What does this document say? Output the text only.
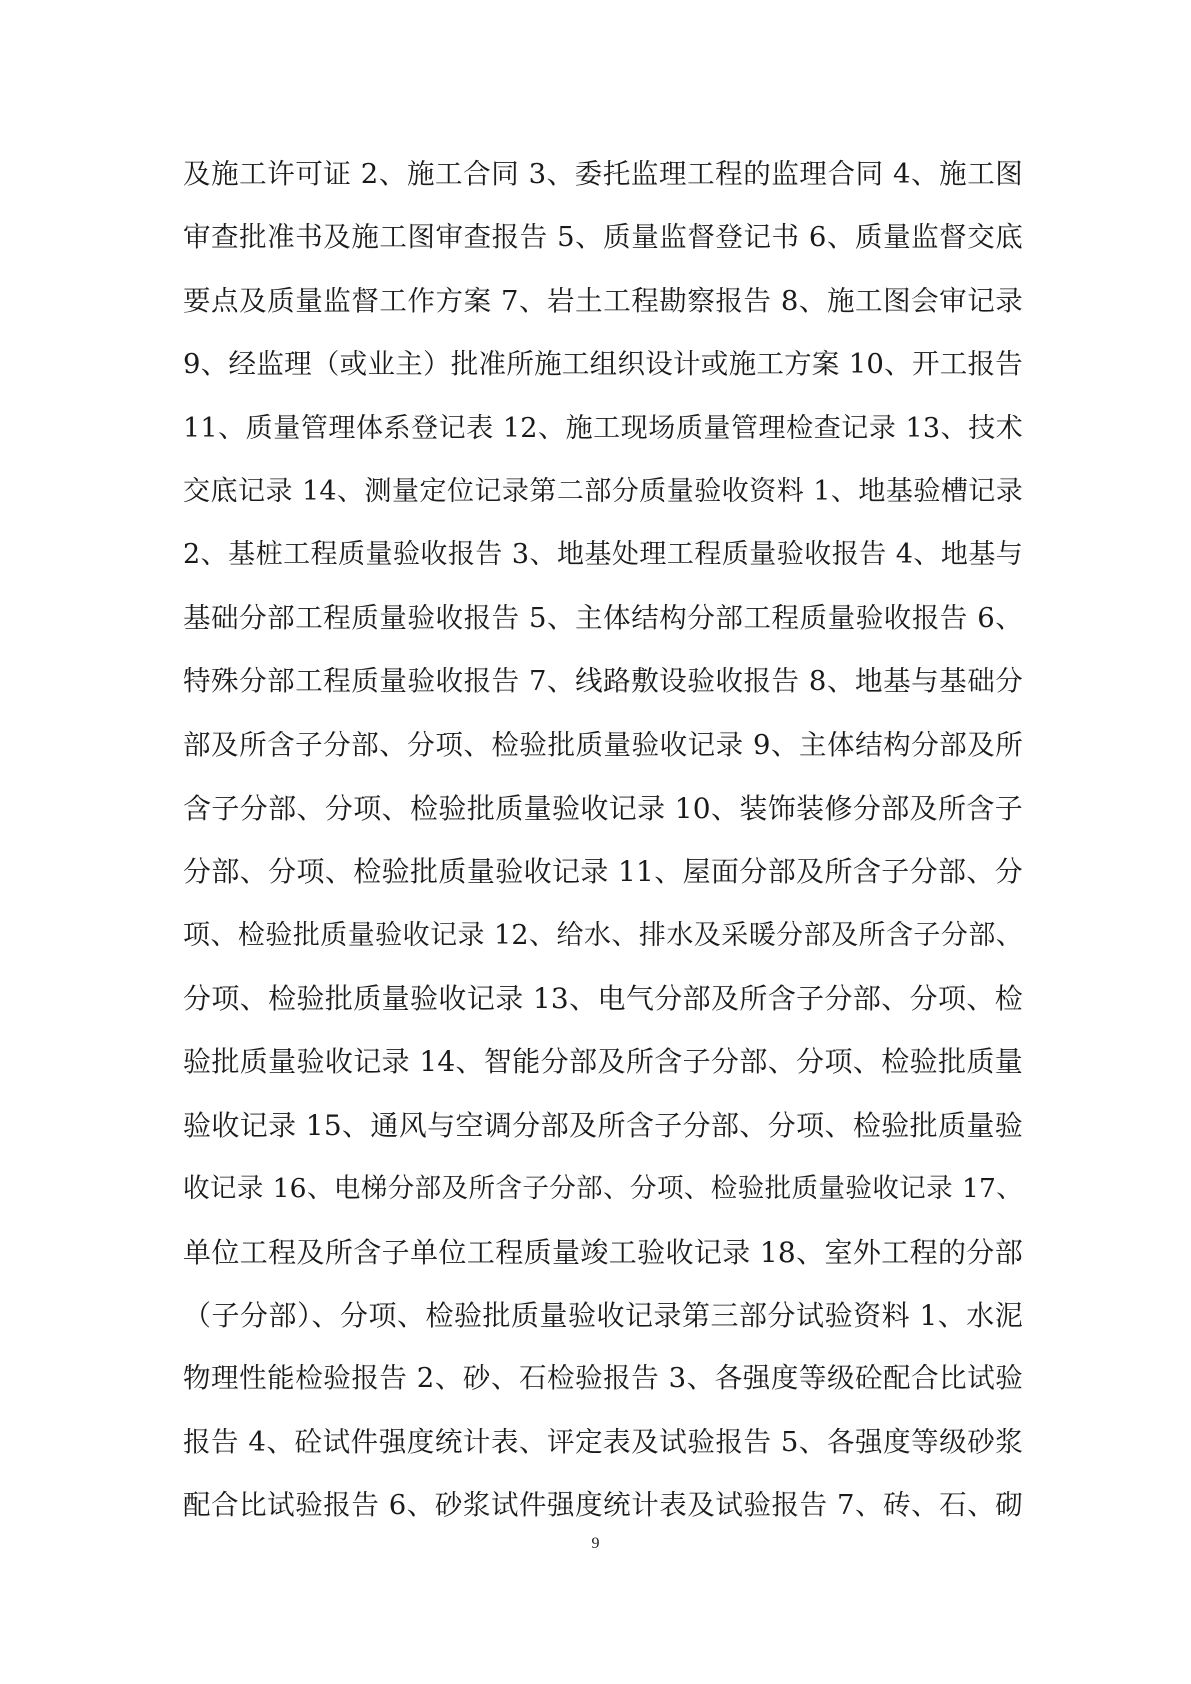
及施工许可证 2、施工合同 3、委托监理工程的监理合同 4、施工图
审查批准书及施工图审查报告 5、质量监督登记书 6、质量监督交底
要点及质量监督工作方案 7、岩土工程勘察报告 8、施工图会审记录
9、经监理（或业主）批准所施工组织设计或施工方案 10、开工报告
11、质量管理体系登记表 12、施工现场质量管理检查记录 13、技术
交底记录 14、测量定位记录第二部分质量验收资料 1、地基验槽记录
2、基桩工程质量验收报告 3、地基处理工程质量验收报告 4、地基与
基础分部工程质量验收报告 5、主体结构分部工程质量验收报告 6、
特殊分部工程质量验收报告 7、线路敷设验收报告 8、地基与基础分
部及所含子分部、分项、检验批质量验收记录 9、主体结构分部及所
含子分部、分项、检验批质量验收记录 10、装饰装修分部及所含子
分部、分项、检验批质量验收记录 11、屋面分部及所含子分部、分
项、检验批质量验收记录 12、给水、排水及采暖分部及所含子分部、
分项、检验批质量验收记录 13、电气分部及所含子分部、分项、检
验批质量验收记录 14、智能分部及所含子分部、分项、检验批质量
验收记录 15、通风与空调分部及所含子分部、分项、检验批质量验
收记录 16、电梯分部及所含子分部、分项、检验批质量验收记录 17、
单位工程及所含子单位工程质量竣工验收记录 18、室外工程的分部
（子分部）、分项、检验批质量验收记录第三部分试验资料 1、水泥
物理性能检验报告 2、砂、石检验报告 3、各强度等级砼配合比试验
报告 4、砼试件强度统计表、评定表及试验报告 5、各强度等级砂浆
配合比试验报告 6、砂浆试件强度统计表及试验报告 7、砖、石、砌
9
